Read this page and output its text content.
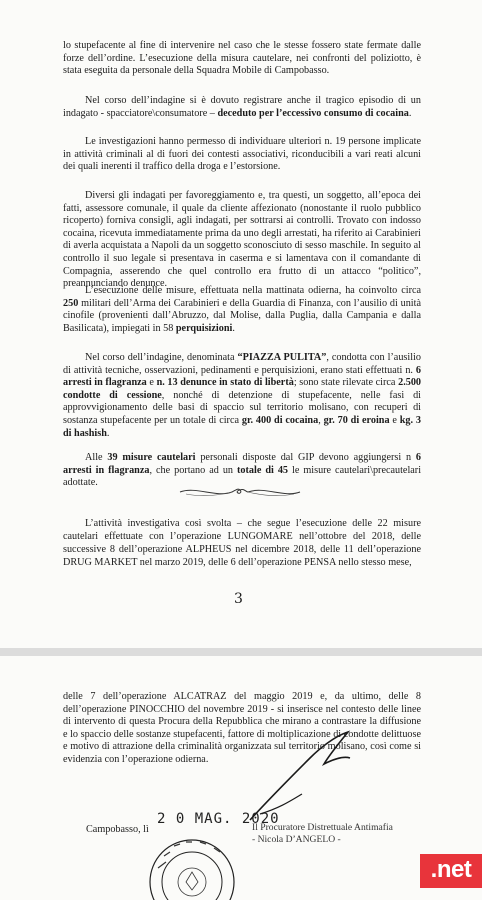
lo stupefacente al fine di intervenire nel caso che le stesse fossero state fermate dalle forze dell’ordine. L’esecuzione della misura cautelare, nei confronti del poliziotto, è stata eseguita da personale della Squadra Mobile di Campobasso.

Nel corso dell’indagine si è dovuto registrare anche il tragico episodio di un indagato - spacciatore\consumatore – deceduto per l’eccessivo consumo di cocaina.

Le investigazioni hanno permesso di individuare ulteriori n. 19 persone implicate in attività criminali al di fuori dei contesti associativi, riconducibili a vari reati alcuni dei quali inerenti il traffico della droga e l’estorsione.

Diversi gli indagati per favoreggiamento e, tra questi, un soggetto, all’epoca dei fatti, assessore comunale, il quale da cliente affezionato (nonostante il ruolo pubblico ricoperto) forniva consigli, agli indagati, per sottrarsi ai controlli. Trovato con indosso cocaina, ricevuta immediatamente prima da uno degli arrestati, ha riferito ai Carabinieri di averla acquistata a Napoli da un soggetto sconosciuto di sesso maschile. In seguito al controllo il suo legale si presentava in caserma e si lamentava con il comandante di Compagnia, asserendo che quel controllo era frutto di un attacco “politico”, preannunciando denunce.

L’esecuzione delle misure, effettuata nella mattinata odierna, ha coinvolto circa 250 militari dell’Arma dei Carabinieri e della Guardia di Finanza, con l’ausilio di unità cinofile (provenienti dall’Abruzzo, dal Molise, dalla Puglia, dalla Campania e dalla Basilicata), impiegati in 58 perquisizioni.

Nel corso dell’indagine, denominata “PIAZZA PULITA”, condotta con l’ausilio di attività tecniche, osservazioni, pedinamenti e perquisizioni, erano stati effettuati n. 6 arresti in flagranza e n. 13 denunce in stato di libertà; sono state rilevate circa 2.500 condotte di cessione, nonché di detenzione di stupefacente, nelle fasi di approvvigionamento delle basi di spaccio sul territorio molisano, con recuperi di sostanza stupefacente per un totale di circa gr. 400 di cocaina, gr. 70 di eroina e kg. 3 di hashish.

Alle 39 misure cautelari personali disposte dal GIP devono aggiungersi n 6 arresti in flagranza, che portano ad un totale di 45 le misure cautelari\precautelari adottate.

L’attività investigativa così svolta – che segue l’esecuzione delle 22 misure cautelari effettuate con l’operazione LUNGOMARE nell’ottobre del 2018, delle successive 8 dell’operazione ALPHEUS nel dicembre 2018, delle 11 dell’operazione DRUG MARKET nel marzo 2019, delle 6 dell’operazione PENSA nello stesso mese,

3

delle 7 dell’operazione ALCATRAZ del maggio 2019 e, da ultimo, delle 8 dell’operazione PINOCCHIO del novembre 2019 - si inserisce nel contesto delle linee di intervento di questa Procura della Repubblica che mirano a contrastare la diffusione e lo spaccio delle sostanze stupefacenti, fattore di moltiplicazione di condotte delittuose e motivo di attrazione della criminalità organizzata sul territorio molisano, così come si evidenzia con l’operazione odierna.

Campobasso, lì
2 0 MAG. 2020
Il Procuratore Distrettuale Antimafia
- Nicola D’ANGELO -
.net
